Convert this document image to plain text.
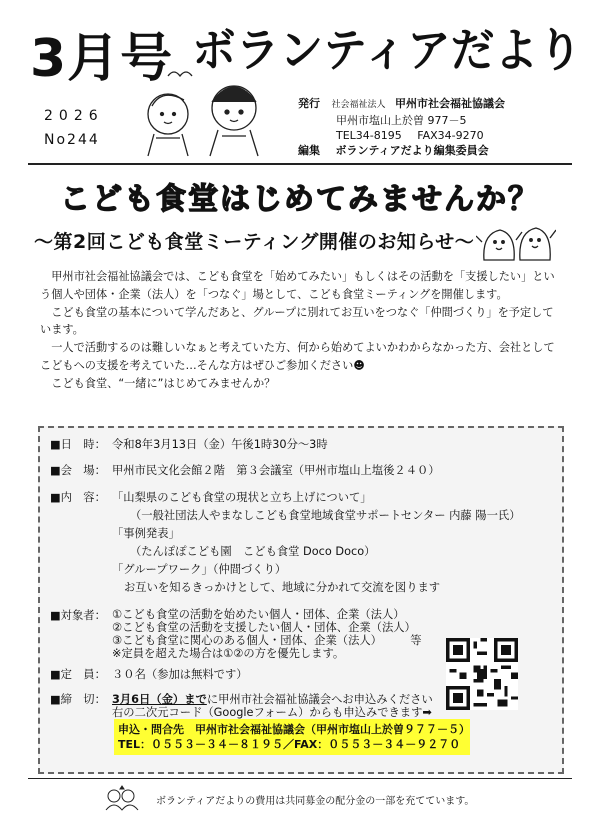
3月号 ボランティアだより
2026
No244
発行 社会福祉法人 甲州市社会福祉協議会
甲州市塩山上於曽 977－5
TEL34-8195 FAX34-9270
編集 ボランティアだより編集委員会
こども食堂はじめてみませんか？
～第2回こども食堂ミーティング開催のお知らせ～

甲州市社会福祉協議会では、こども食堂を「始めてみたい」もしくはその活動を「支援したい」という個人や団体・企業（法人）を「つなぐ」場として、こども食堂ミーティングを開催します。

こども食堂の基本について学んだあと、グループに別れてお互いをつなぐ「仲間づくり」を予定しています。

一人で活動するのは難しいなぁと考えていた方、何から始めてよいかわからなかった方、会社としてこどもへの支援を考えていた…そんな方はぜひご参加ください☻

こども食堂、“一緒に”はじめてみませんか？

■日　時： 令和8年3月13日（金）午後1時30分～3時
■会　場： 甲州市民文化会館２階　第３会議室（甲州市塩山上塩後２４０）
■内　容： 「山梨県のこども食堂の現状と立ち上げについて」
（一般社団法人やまなしこども食堂地域食堂サポートセンター 内藤 陽一氏）
「事例発表」
（たんぽぽこども園　こども食堂 Doco Doco）
「グループワーク」（仲間づくり）
お互いを知るきっかけとして、地域に分かれて交流を図ります
■対象者： ①こども食堂の活動を始めたい個人・団体、企業（法人）
②こども食堂の活動を支援したい個人・団体、企業（法人）
③こども食堂に関心のある個人・団体、企業（法人）　　　等
※定員を超えた場合は①②の方を優先します。
■定　員： ３０名（参加は無料です）
■締　切： 3月6日（金）までに甲州市社会福祉協議会へお申込みください
右の二次元コード（Googleフォーム）からも申込みできます➡
申込・問合先　甲州市社会福祉協議会（甲州市塩山上於曽９７７－５）
TEL：０５５３－３４－８１９５／FAX：０５５３－３４－９２７０
ボランティアだよりの費用は共同募金の配分金の一部を充てています。
